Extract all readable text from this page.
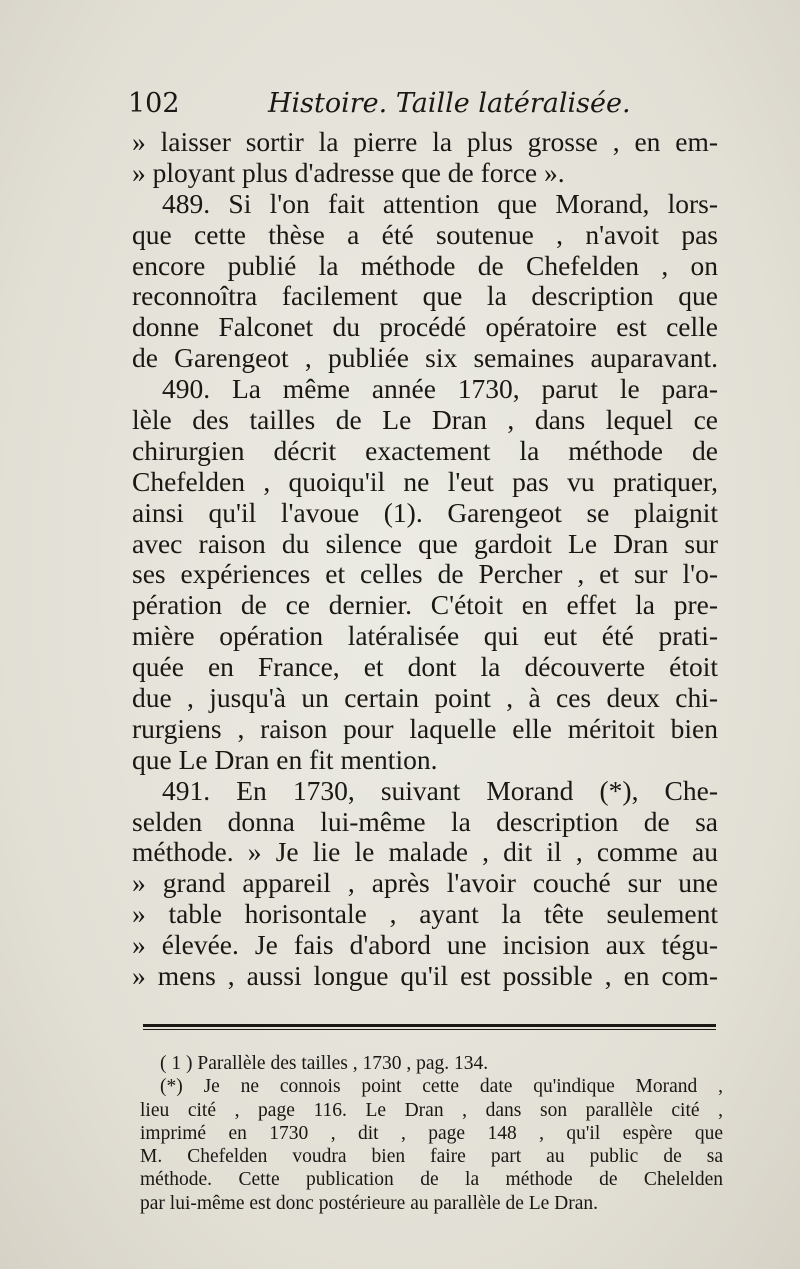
102	Histoire. Taille latéralisée.
» laisser sortir la pierre la plus grosse , en em-
» ployant plus d'adresse que de force ».
489. Si l'on fait attention que Morand, lors-
que cette thèse a été soutenue , n'avoit pas
encore publié la méthode de Chefelden , on
reconnoîtra facilement que la description que
donne Falconet du procédé opératoire est celle
de Garengeot , publiée six semaines auparavant.
490. La même année 1730, parut le para-
lèle des tailles de Le Dran , dans lequel ce
chirurgien décrit exactement la méthode de
Chefelden , quoiqu'il ne l'eut pas vu pratiquer,
ainsi qu'il l'avoue (1). Garengeot se plaignit
avec raison du silence que gardoit Le Dran sur
ses expériences et celles de Percher , et sur l'o-
pération de ce dernier. C'étoit en effet la pre-
mière opération latéralisée qui eut été prati-
quée en France, et dont la découverte étoit
due , jusqu'à un certain point , à ces deux chi-
rurgiens , raison pour laquelle elle méritoit bien
que Le Dran en fit mention.
491. En 1730, suivant Morand (*), Che-
selden donna lui-même la description de sa
méthode. » Je lie le malade , dit il , comme au
» grand appareil , après l'avoir couché sur une
» table horisontale , ayant la tête seulement
» élevée. Je fais d'abord une incision aux tégu-
» mens , aussi longue qu'il est possible , en com-
( 1 ) Parallèle des tailles , 1730 , pag. 134.
(*) Je ne connois point cette date qu'indique Morand ,
lieu cité , page 116. Le Dran , dans son parallèle cité ,
imprimé en 1730 , dit , page 148 , qu'il espère que
M. Chefelden voudra bien faire part au public de sa
méthode. Cette publication de la méthode de Chelelden
par lui-même est donc postérieure au parallèle de Le Dran.
